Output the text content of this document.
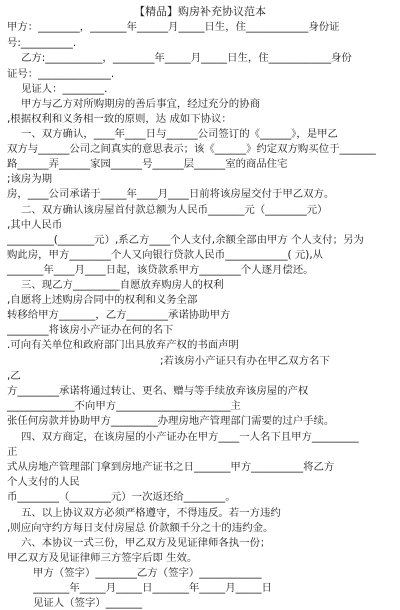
【精品】购房补充协议范本
甲方：________，_______年______月_____日生，住____________身份证
号:__________.
乙方:___________，________年_____月_____日生，住____________身份
证号：______________.
见证人：________.
甲方与乙方对所购期房的善后事宜，经过充分的协商
,根据权利和义务相一致的原则，达 成如下协议：
一、双方确认，____年____日与______公司签订的《______》，是甲乙
双方与______公司之间真实的意思表示；该《______》约定双方购买位于_______
路______弄______家园______号______层______室的商品住宅
;该房为期
房，____公司承诺于_____年____月____日前将该房屋交付于甲乙双方。
二、双方确认该房屋首付款总额为人民币_______元（________元）
,其中人民币
_________(_______元）,系乙方____个人支付,余额全部由甲方 个人支付；另为
购此房，甲方________个人又向银行贷款人民币____________( 元),从
_______年____月____日起，该贷款系甲方________个人逐月偿还。
三、现乙方_________自愿放弃购房人的权利
,自愿将上述购房合同中的权利和义务全部
转移给甲方_______，乙方________承诺协助甲方
________将该房小产证办在何的名下
.可向有关单位和政府部门出具放弃产权的书面声明
;若该房小产证只有办在甲乙双方名下
,乙
方________承诺将通过转让、更名、赠与等手续放弃该房屋的产权
_____________不向甲方______________________主
张任何房款并协助甲方_________办理房地产管理部门需要的过户手续。
四、双方商定，在该房屋的小产证办在甲方____一人名下且甲方_________
正
式从房地产管理部门拿到房地产证书之日_______甲方__________将乙方
个人支付的人民
币________（________元）一次返还给________。
五、以上协议双方必须严格遵守，不得违反。若一方违约
,则应向守约方每日支付房屋总 价款额千分之十的违约金。
六、本协议一式三份，甲乙双方及见证律师各执一份；
甲乙双方及见证律师三方签字后即 生效。
甲方（签字）________乙方（签字）____________
_______年_____月_____日_______年_____月_____日
见证人（签字）_______
